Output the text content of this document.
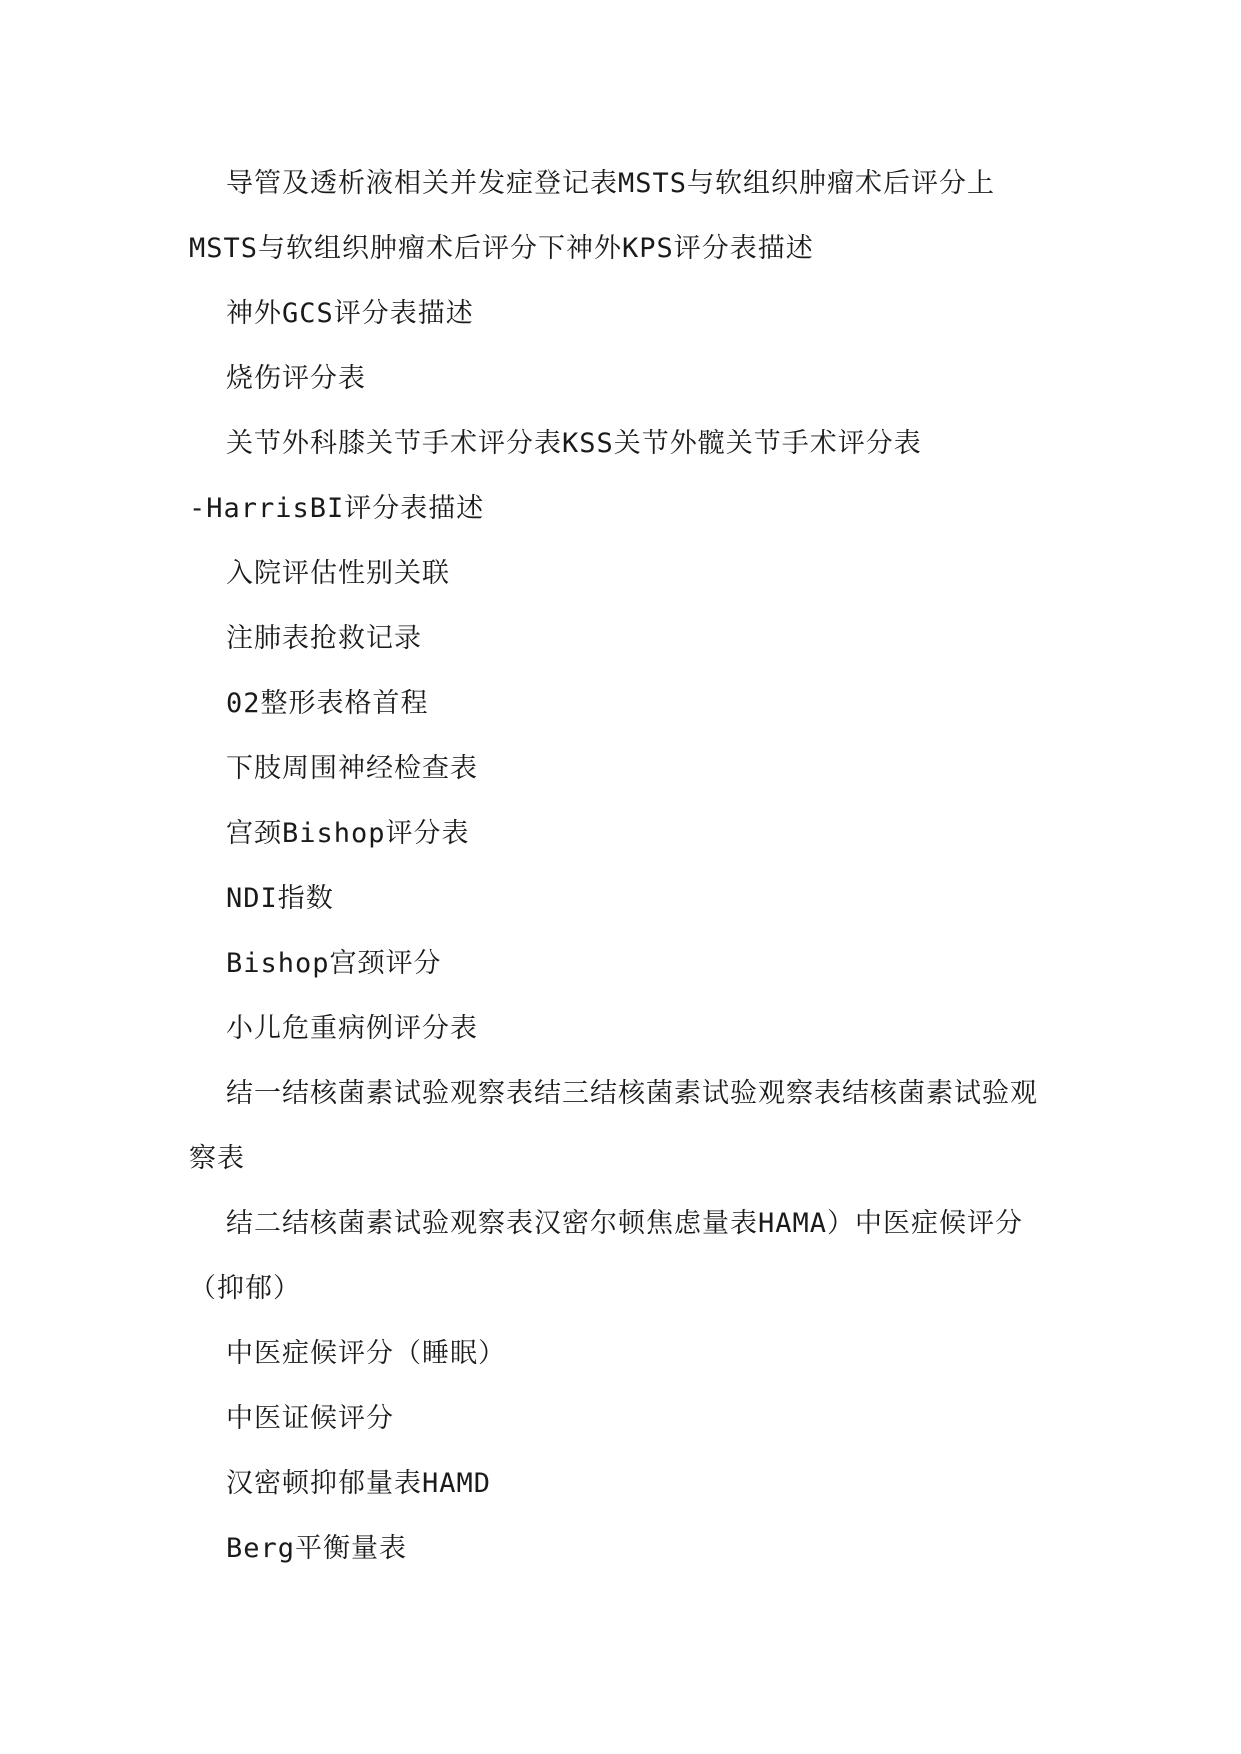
导管及透析液相关并发症登记表MSTS与软组织肿瘤术后评分上
MSTS与软组织肿瘤术后评分下神外KPS评分表描述
神外GCS评分表描述
烧伤评分表
关节外科膝关节手术评分表KSS关节外髋关节手术评分表
-HarrisBI评分表描述
入院评估性别关联
注肺表抢救记录
02整形表格首程
下肢周围神经检查表
宫颈Bishop评分表
NDI指数
Bishop宫颈评分
小儿危重病例评分表
结一结核菌素试验观察表结三结核菌素试验观察表结核菌素试验观
察表
结二结核菌素试验观察表汉密尔顿焦虑量表HAMA）中医症候评分
（抑郁）
中医症候评分（睡眠）
中医证候评分
汉密顿抑郁量表HAMD
Berg平衡量表
